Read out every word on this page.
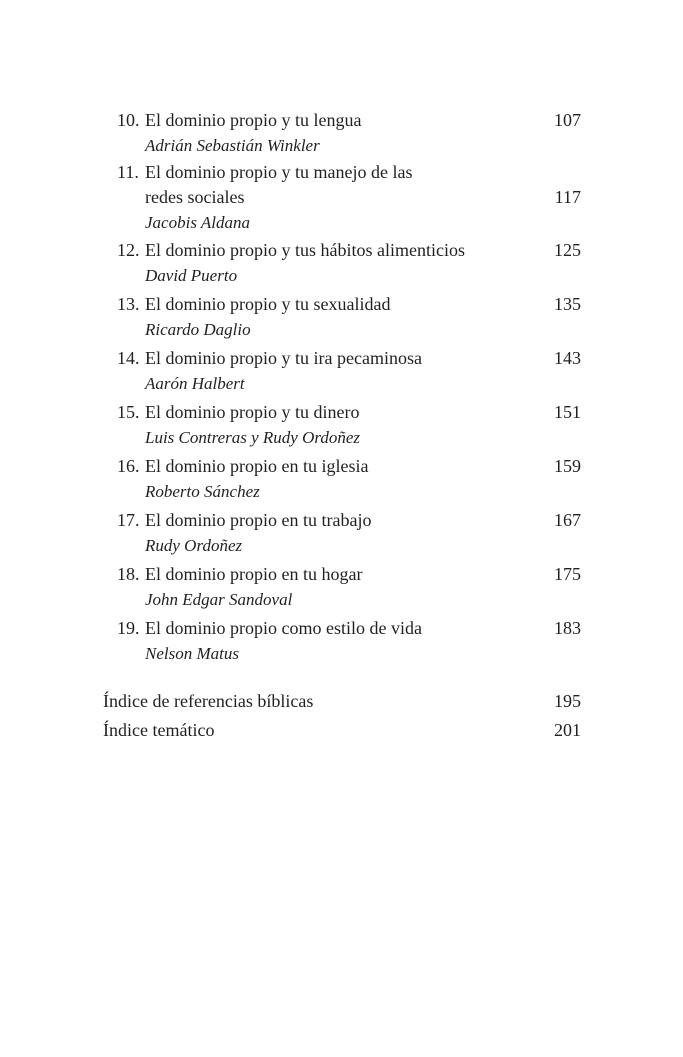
10. El dominio propio y tu lengua	107
Adrián Sebastián Winkler
11. El dominio propio y tu manejo de las
redes sociales	117
Jacobis Aldana
12. El dominio propio y tus hábitos alimenticios	125
David Puerto
13. El dominio propio y tu sexualidad	135
Ricardo Daglio
14. El dominio propio y tu ira pecaminosa	143
Aarón Halbert
15. El dominio propio y tu dinero	151
Luis Contreras y Rudy Ordoñez
16. El dominio propio en tu iglesia	159
Roberto Sánchez
17. El dominio propio en tu trabajo	167
Rudy Ordoñez
18. El dominio propio en tu hogar	175
John Edgar Sandoval
19. El dominio propio como estilo de vida	183
Nelson Matus
Índice de referencias bíblicas	195
Índice temático	201
